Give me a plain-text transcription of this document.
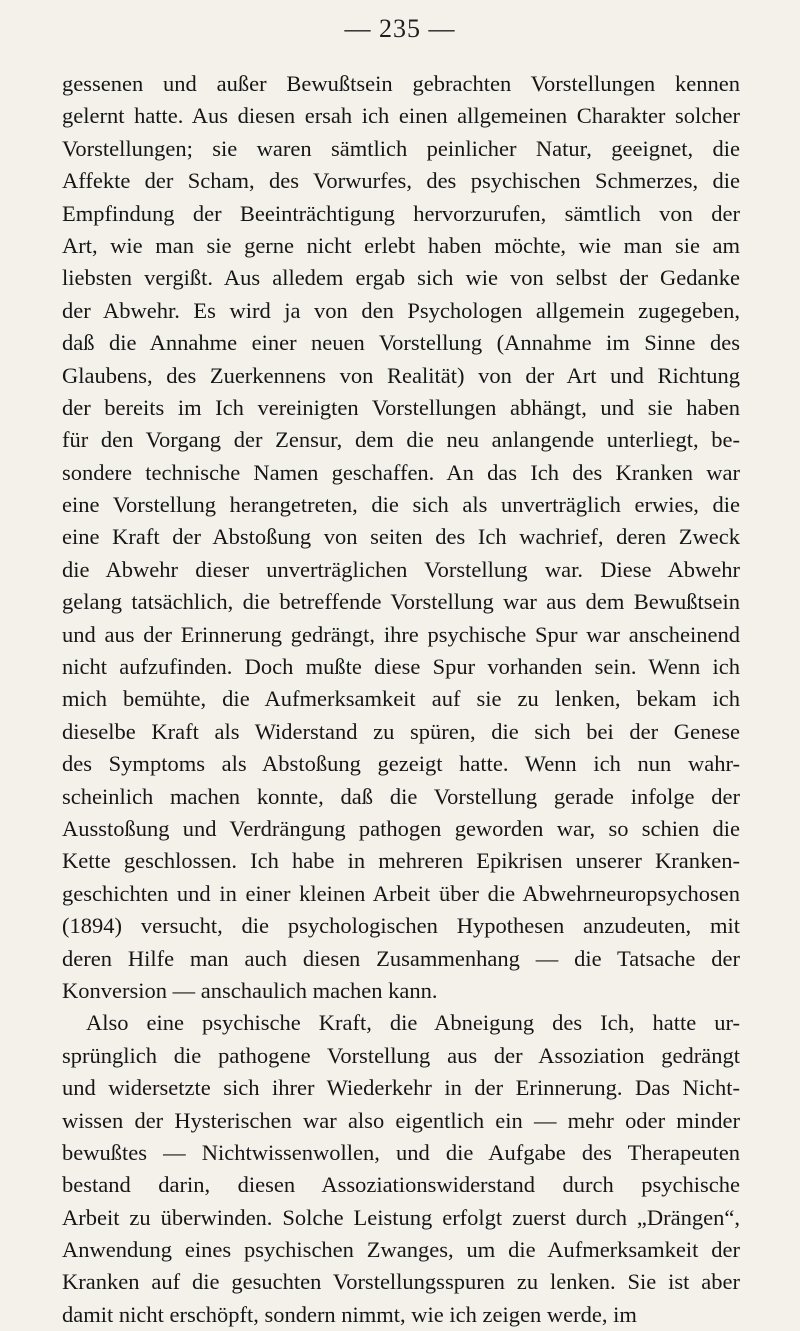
— 235 —
gessenen und außer Bewußtsein gebrachten Vorstellungen kennen
gelernt hatte. Aus diesen ersah ich einen allgemeinen Charakter solcher
Vorstellungen; sie waren sämtlich peinlicher Natur, geeignet, die
Affekte der Scham, des Vorwurfes, des psychischen Schmerzes, die
Empfindung der Beeinträchtigung hervorzurufen, sämtlich von der
Art, wie man sie gerne nicht erlebt haben möchte, wie man sie am
liebsten vergißt. Aus alledem ergab sich wie von selbst der Gedanke
der Abwehr. Es wird ja von den Psychologen allgemein zugegeben,
daß die Annahme einer neuen Vorstellung (Annahme im Sinne des
Glaubens, des Zuerkennens von Realität) von der Art und Richtung
der bereits im Ich vereinigten Vorstellungen abhängt, und sie haben
für den Vorgang der Zensur, dem die neu anlangende unterliegt, be-
sondere technische Namen geschaffen. An das Ich des Kranken war
eine Vorstellung herangetreten, die sich als unverträglich erwies, die
eine Kraft der Abstoßung von seiten des Ich wachrief, deren Zweck
die Abwehr dieser unverträglichen Vorstellung war. Diese Abwehr
gelang tatsächlich, die betreffende Vorstellung war aus dem Bewußtsein
und aus der Erinnerung gedrängt, ihre psychische Spur war anscheinend
nicht aufzufinden. Doch mußte diese Spur vorhanden sein. Wenn ich
mich bemühte, die Aufmerksamkeit auf sie zu lenken, bekam ich
dieselbe Kraft als Widerstand zu spüren, die sich bei der Genese
des Symptoms als Abstoßung gezeigt hatte. Wenn ich nun wahr-
scheinlich machen konnte, daß die Vorstellung gerade infolge der
Ausstoßung und Verdrängung pathogen geworden war, so schien die
Kette geschlossen. Ich habe in mehreren Epikrisen unserer Kranken-
geschichten und in einer kleinen Arbeit über die Abwehrneuropsychosen
(1894) versucht, die psychologischen Hypothesen anzudeuten, mit
deren Hilfe man auch diesen Zusammenhang — die Tatsache der
Konversion — anschaulich machen kann.
Also eine psychische Kraft, die Abneigung des Ich, hatte ur-
sprünglich die pathogene Vorstellung aus der Assoziation gedrängt
und widersetzte sich ihrer Wiederkehr in der Erinnerung. Das Nicht-
wissen der Hysterischen war also eigentlich ein — mehr oder minder
bewußtes — Nichtwissenwollen, und die Aufgabe des Therapeuten
bestand darin, diesen Assoziationswiderstand durch psychische
Arbeit zu überwinden. Solche Leistung erfolgt zuerst durch „Drängen“,
Anwendung eines psychischen Zwanges, um die Aufmerksamkeit der
Kranken auf die gesuchten Vorstellungsspuren zu lenken. Sie ist aber
damit nicht erschöpft, sondern nimmt, wie ich zeigen werde, im
